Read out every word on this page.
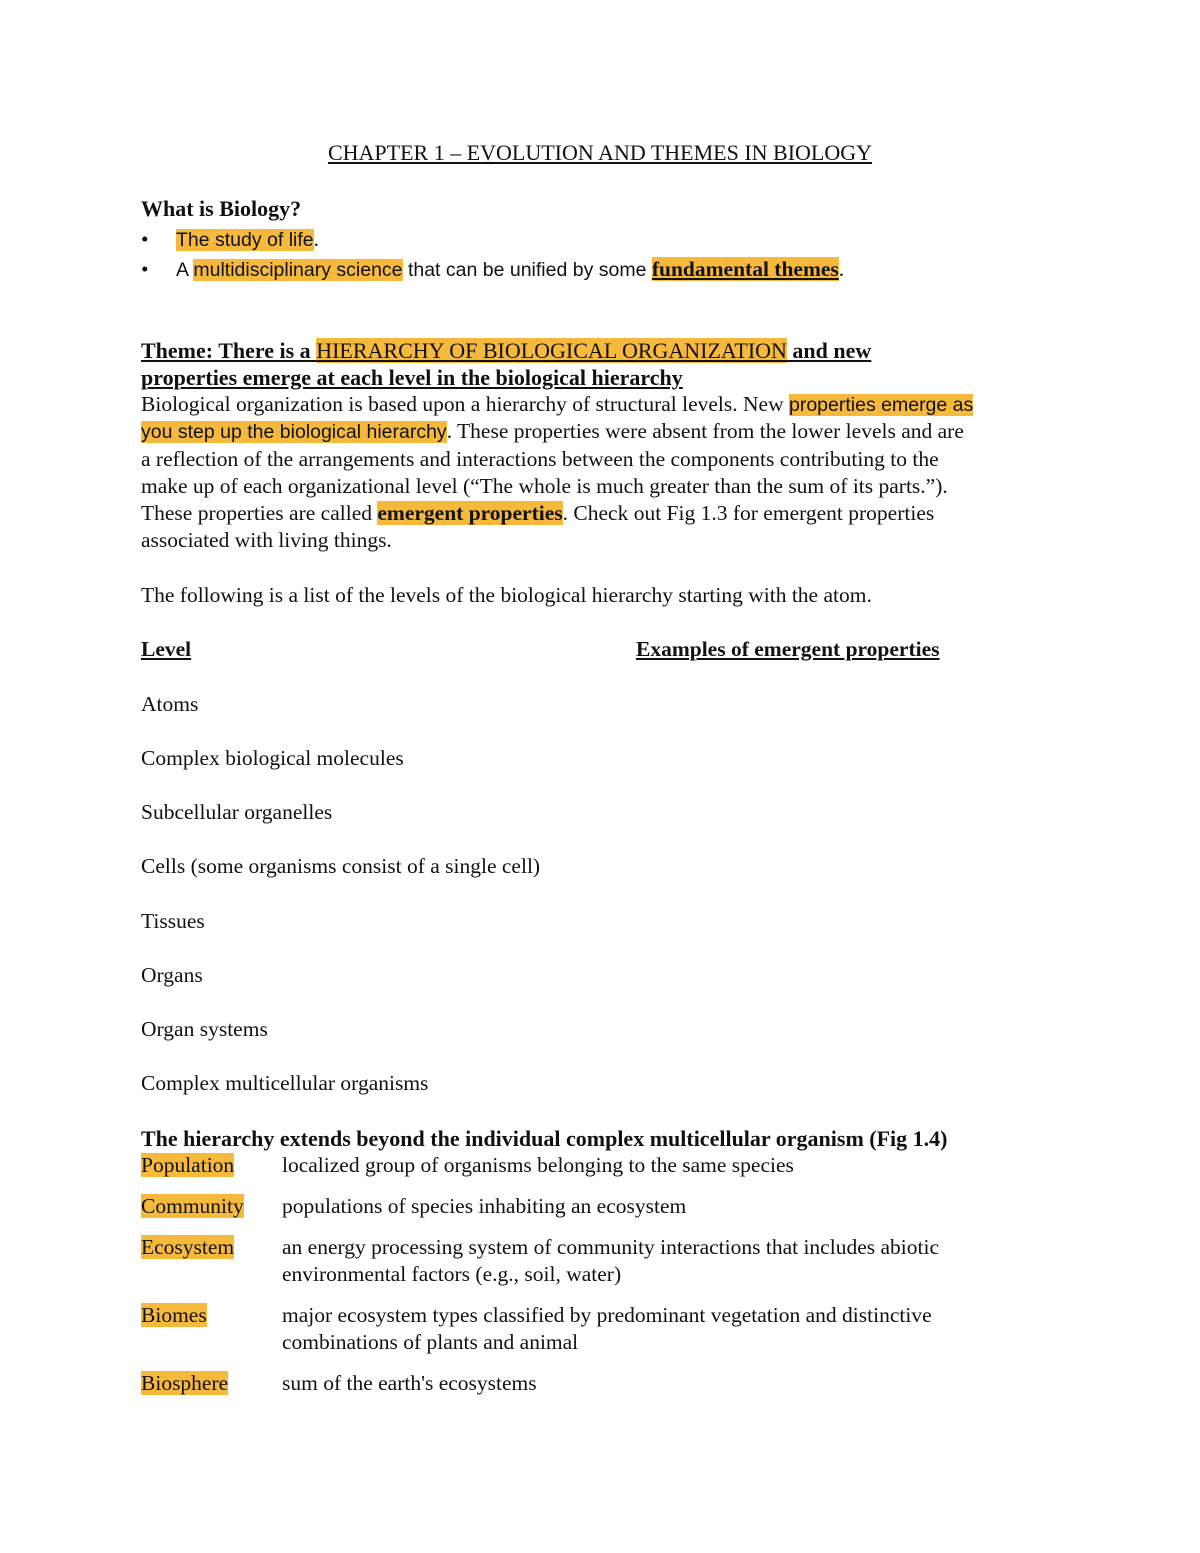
CHAPTER 1 – EVOLUTION AND THEMES IN BIOLOGY
What is Biology?
• The study of life.
• A multidisciplinary science that can be unified by some fundamental themes.
Theme: There is a HIERARCHY OF BIOLOGICAL ORGANIZATION and new
properties emerge at each level in the biological hierarchy
Biological organization is based upon a hierarchy of structural levels. New properties emerge as
you step up the biological hierarchy. These properties were absent from the lower levels and are
a reflection of the arrangements and interactions between the components contributing to the
make up of each organizational level (“The whole is much greater than the sum of its parts.”).
These properties are called emergent properties. Check out Fig 1.3 for emergent properties
associated with living things.
The following is a list of the levels of the biological hierarchy starting with the atom.
Level	Examples of emergent properties
Atoms
Complex biological molecules
Subcellular organelles
Cells (some organisms consist of a single cell)
Tissues
Organs
Organ systems
Complex multicellular organisms
The hierarchy extends beyond the individual complex multicellular organism (Fig 1.4)
Population localized group of organisms belonging to the same species
Community populations of species inhabiting an ecosystem
Ecosystem an energy processing system of community interactions that includes abiotic environmental factors (e.g., soil, water)
Biomes	major ecosystem types classified by predominant vegetation and distinctive combinations of plants and animal
Biosphere	sum of the earth's ecosystems
